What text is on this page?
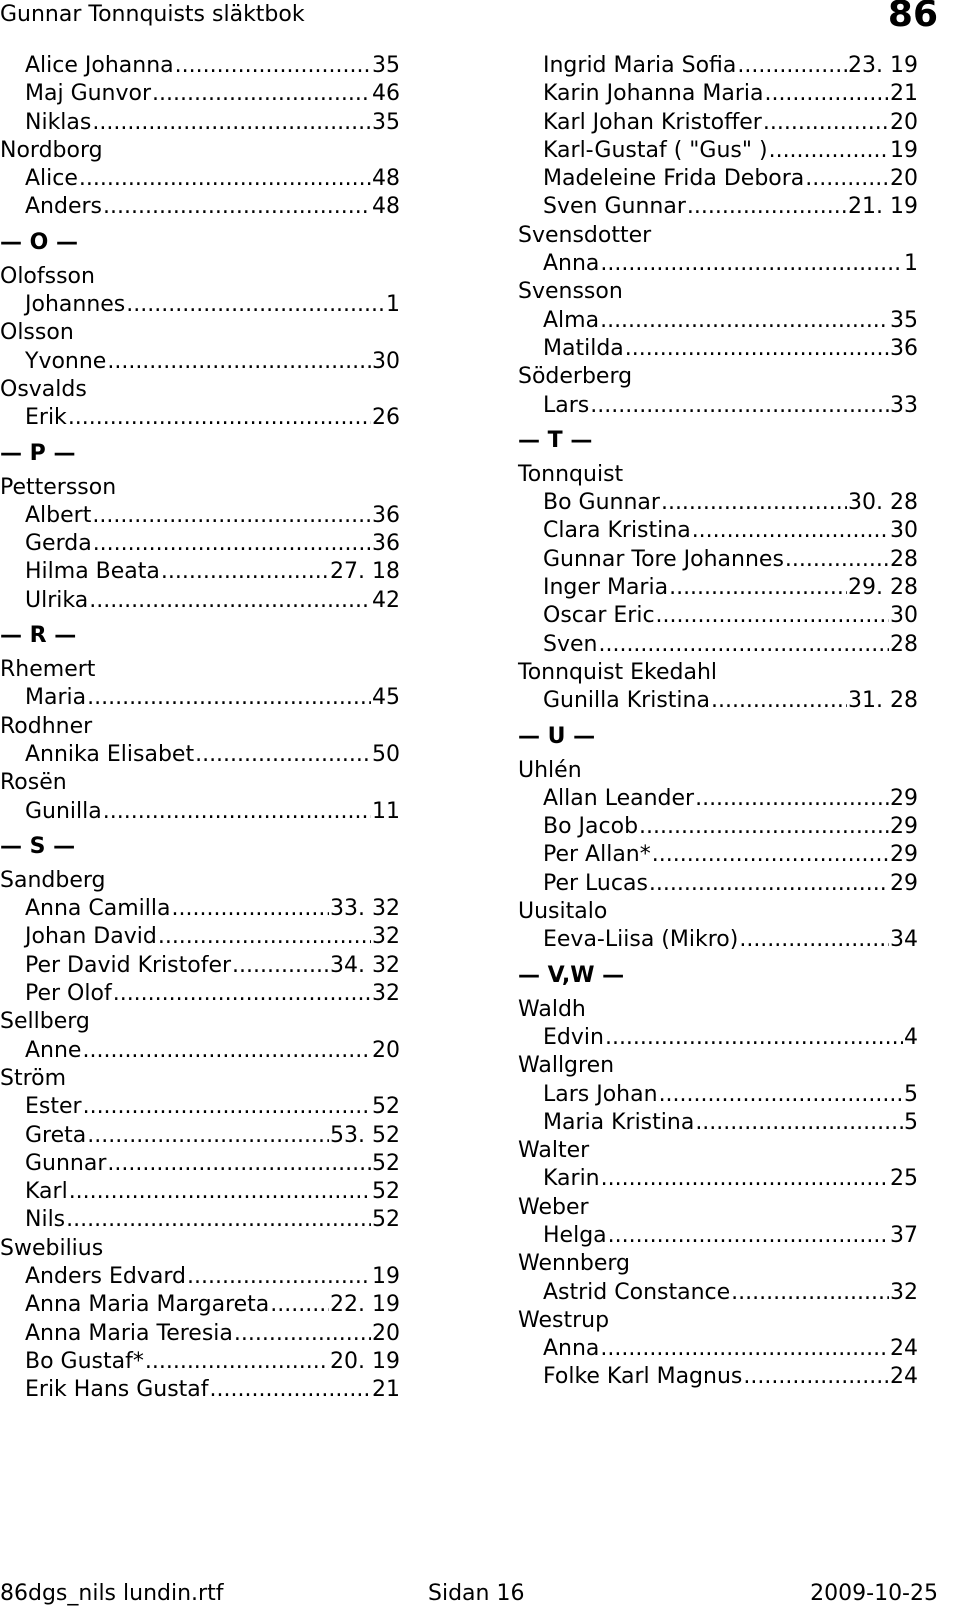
Gunnar Tonnquists släktbok	86
Alice Johanna .....	35
Maj Gunvor .....	46
Niklas .....	35
Nordborg
Alice .....	48
Anders .....	48
— O —
Olofsson
Johannes .....	1
Olsson
Yvonne .....	30
Osvalds
Erik .....	26
— P —
Pettersson
Albert .....	36
Gerda .....	36
Hilma Beata .....	27. 18
Ulrika .....	42
— R —
Rhemert
Maria .....	45
Rodhner
Annika Elisabet .....	50
Rosën
Gunilla .....	11
— S —
Sandberg
Anna Camilla .....	33. 32
Johan David .....	32
Per David Kristofer .....	34. 32
Per Olof .....	32
Sellberg
Anne .....	20
Ström
Ester .....	52
Greta .....	53. 52
Gunnar .....	52
Karl .....	52
Nils .....	52
Swebilius
Anders Edvard .....	19
Anna Maria Margareta .....	22. 19
Anna Maria Teresia .....	20
Bo Gustaf* .....	20. 19
Erik Hans Gustaf .....	21
Ingrid Maria Sofia .....	23. 19
Karin Johanna Maria .....	21
Karl Johan Kristoffer .....	20
Karl-Gustaf ( "Gus" ) .....	19
Madeleine Frida Debora .....	20
Sven Gunnar .....	21. 19
Svensdotter
Anna .....	1
Svensson
Alma .....	35
Matilda .....	36
Söderberg
Lars .....	33
— T —
Tonnquist
Bo Gunnar .....	30. 28
Clara Kristina .....	30
Gunnar Tore Johannes .....	28
Inger Maria .....	29. 28
Oscar Eric .....	30
Sven .....	28
Tonnquist Ekedahl
Gunilla Kristina .....	31. 28
— U —
Uhlén
Allan Leander .....	29
Bo Jacob .....	29
Per Allan* .....	29
Per Lucas .....	29
Uusitalo
Eeva-Liisa (Mikro) .....	34
— V,W —
Waldh
Edvin .....	4
Wallgren
Lars Johan .....	5
Maria Kristina .....	5
Walter
Karin .....	25
Weber
Helga .....	37
Wennberg
Astrid Constance .....	32
Westrup
Anna .....	24
Folke Karl Magnus .....	24
86dgs_nils lundin.rtf	Sidan 16	2009-10-25
